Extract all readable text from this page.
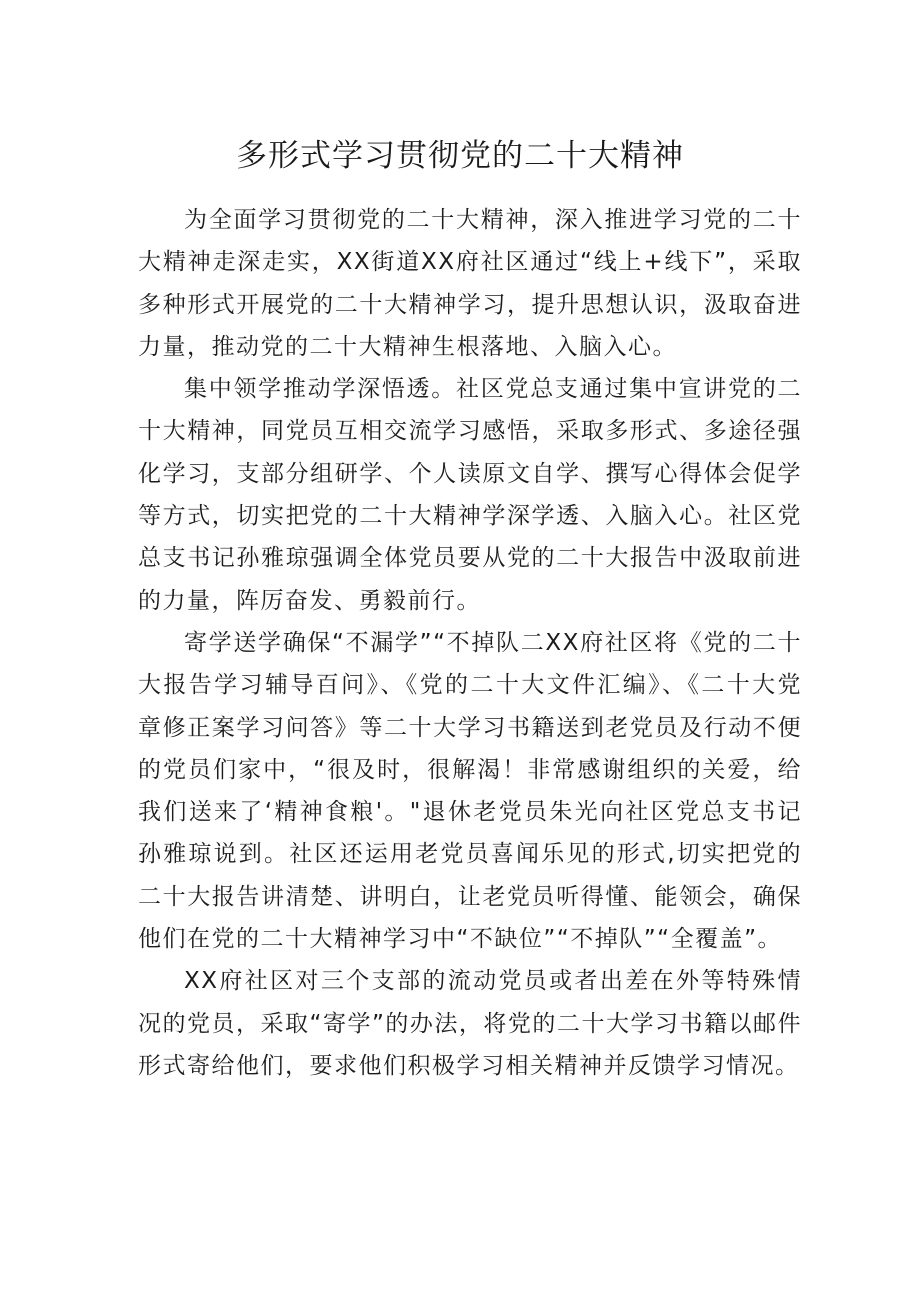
多形式学习贯彻党的二十大精神

为全面学习贯彻党的二十大精神，深入推进学习党的二十大精神走深走实，XX街道XX府社区通过“线上+线下”，采取多种形式开展党的二十大精神学习，提升思想认识，汲取奋进力量，推动党的二十大精神生根落地、入脑入心。

集中领学推动学深悟透。社区党总支通过集中宣讲党的二十大精神，同党员互相交流学习感悟，采取多形式、多途径强化学习，支部分组研学、个人读原文自学、撰写心得体会促学等方式，切实把党的二十大精神学深学透、入脑入心。社区党总支书记孙雅琼强调全体党员要从党的二十大报告中汲取前进的力量，阵厉奋发、勇毅前行。

寄学送学确保“不漏学”“不掉队二XX府社区将《党的二十大报告学习辅导百问》、《党的二十大文件汇编》、《二十大党章修正案学习问答》等二十大学习书籍送到老党员及行动不便的党员们家中，“很及时，很解渴！非常感谢组织的关爱，给我们送来了‘精神食粮'。"退休老党员朱光向社区党总支书记孙雅琼说到。社区还运用老党员喜闻乐见的形式,切实把党的二十大报告讲清楚、讲明白，让老党员听得懂、能领会，确保他们在党的二十大精神学习中“不缺位”“不掉队”“全覆盖”。

XX府社区对三个支部的流动党员或者出差在外等特殊情况的党员，采取“寄学”的办法，将党的二十大学习书籍以邮件形式寄给他们，要求他们积极学习相关精神并反馈学习情况。
